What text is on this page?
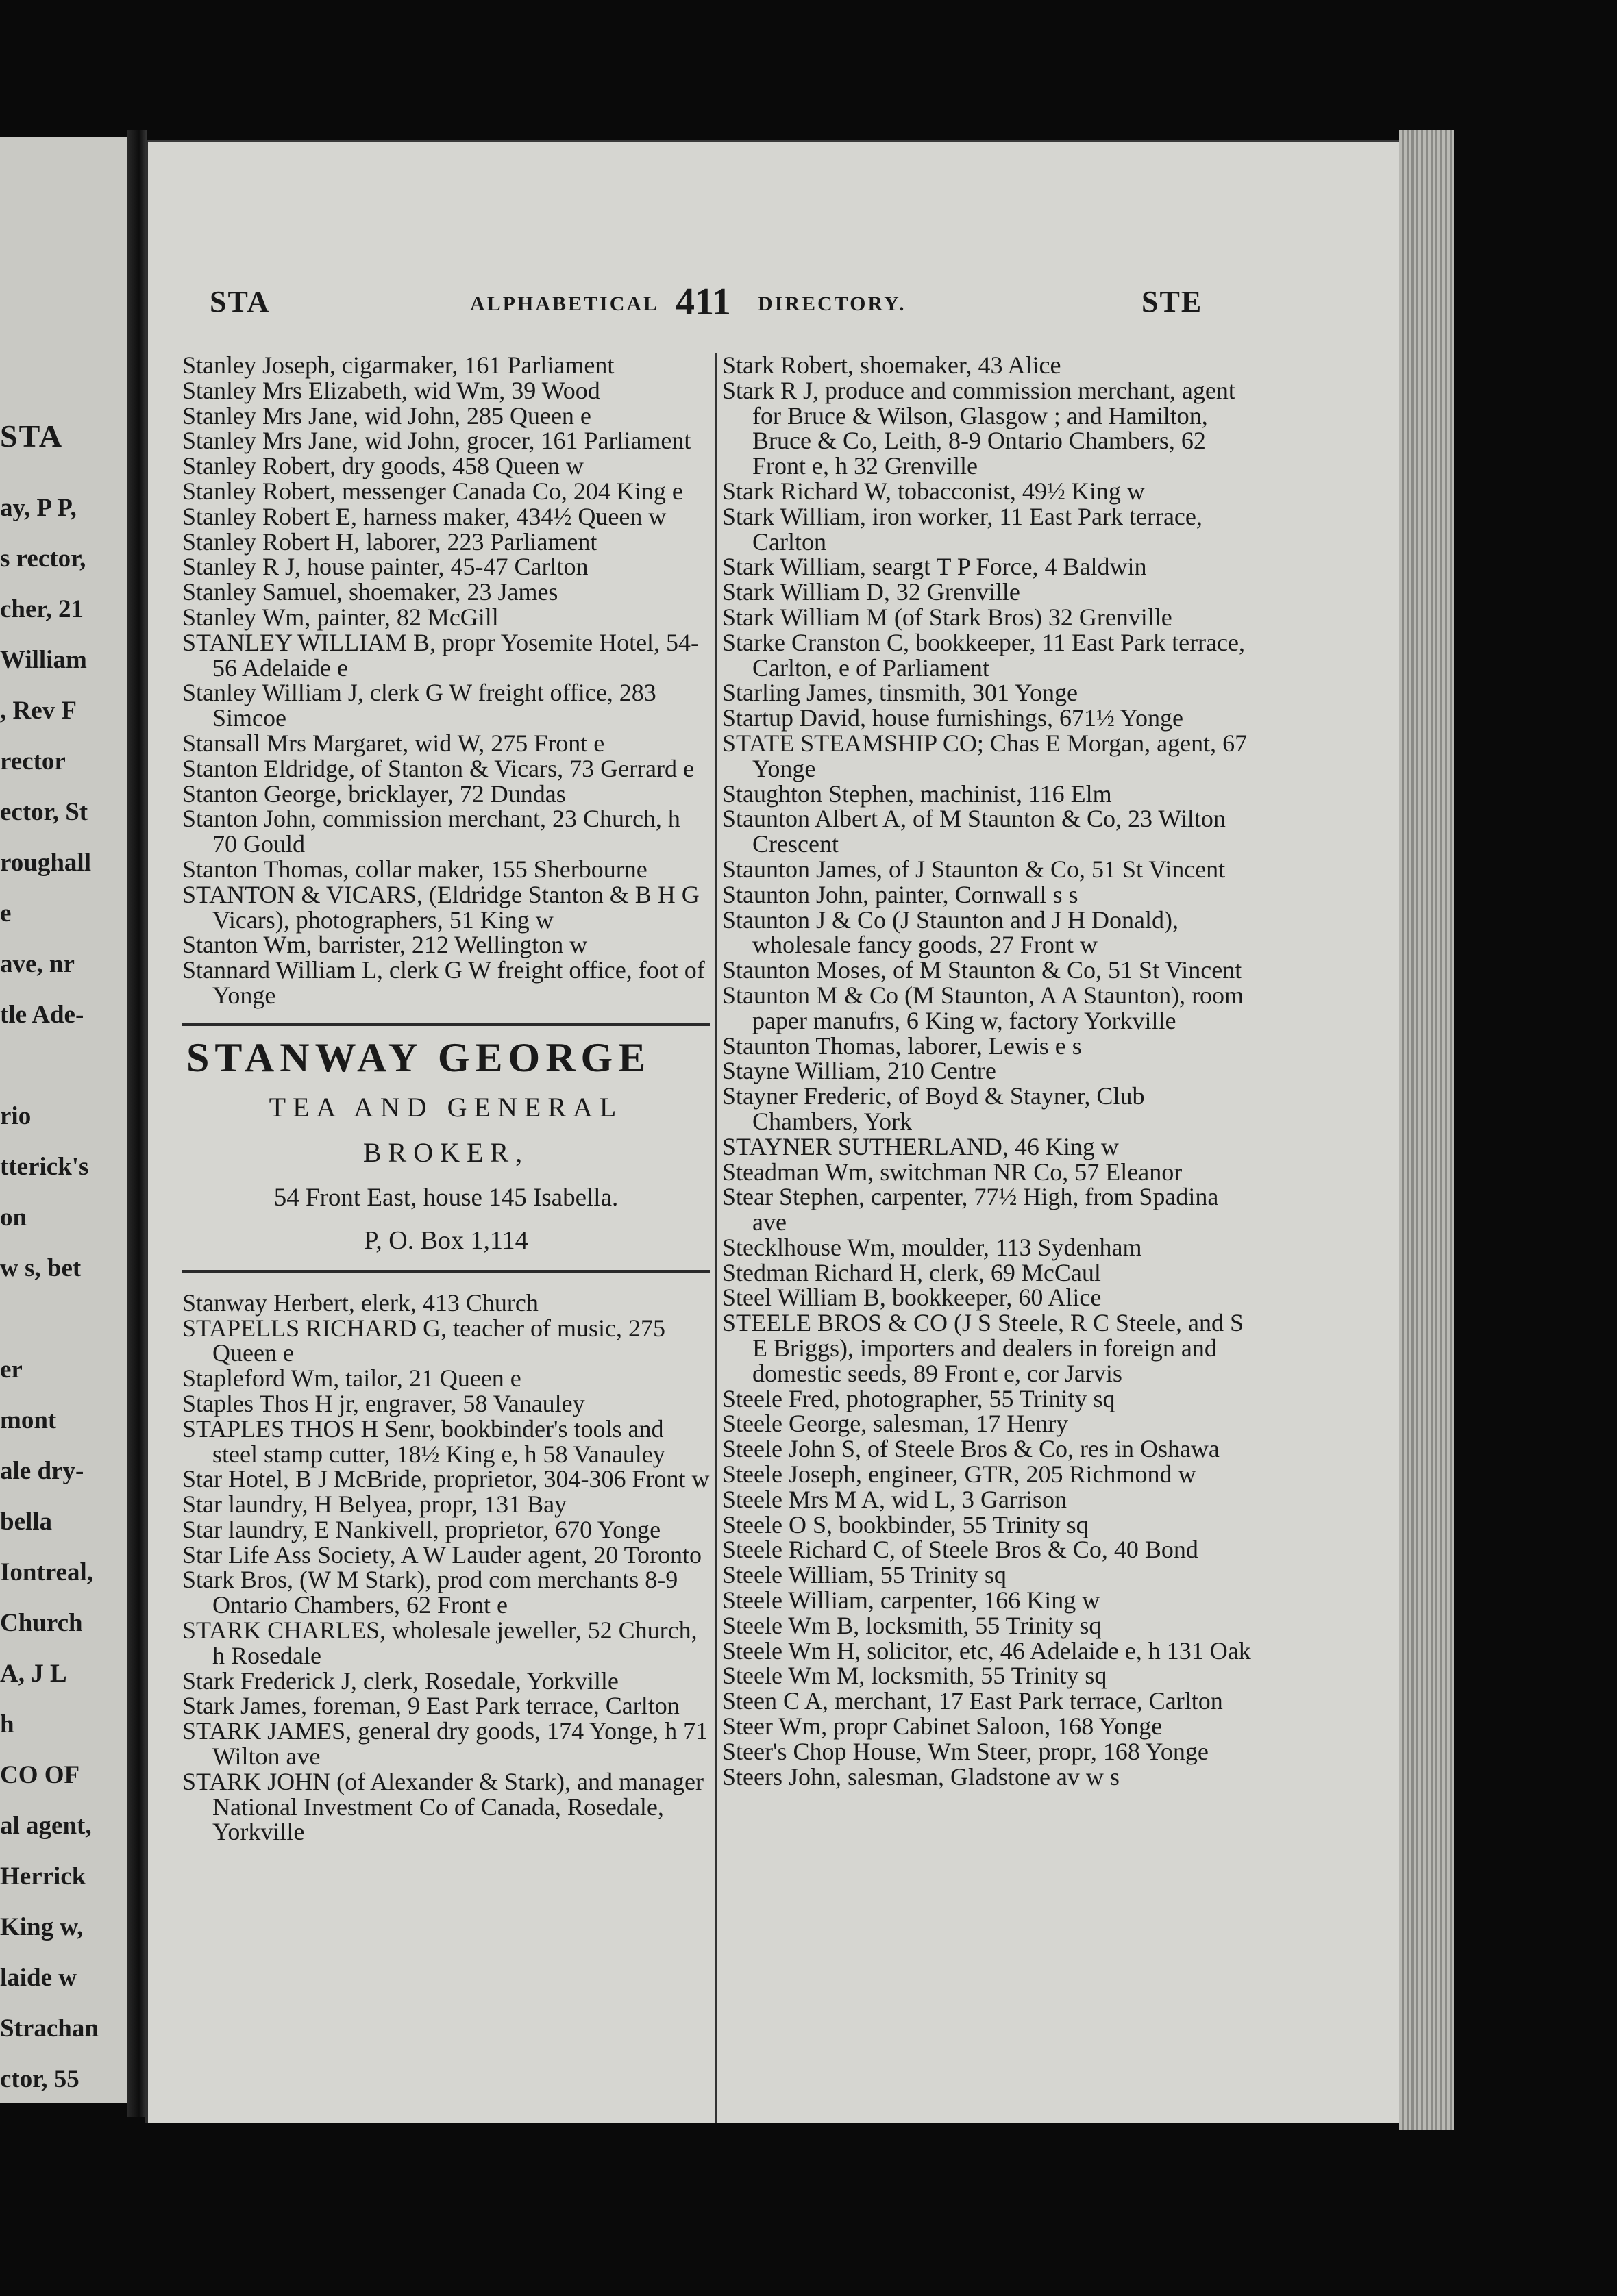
STA
ay, P P,
s rector,
cher, 21
William
, Rev F
rector
ector, St
roughall
e
ave, nr
tle Ade-
rio
tterick's
on
w s, bet
er
mont
ale dry-
bella
Iontreal,
Church
A, J L
h
CO OF
al agent,
Herrick
King w,
laide w
Strachan
ctor, 55
STA	ALPHABETICAL 411 DIRECTORY.	STE
Stanley Joseph, cigarmaker, 161 Parliament
Stanley Mrs Elizabeth, wid Wm, 39 Wood
Stanley Mrs Jane, wid John, 285 Queen e
Stanley Mrs Jane, wid John, grocer, 161 Parliament
Stanley Robert, dry goods, 458 Queen w
Stanley Robert, messenger Canada Co, 204 King e
Stanley Robert E, harness maker, 434½ Queen w
Stanley Robert H, laborer, 223 Parliament
Stanley R J, house painter, 45-47 Carlton
Stanley Samuel, shoemaker, 23 James
Stanley Wm, painter, 82 McGill
STANLEY WILLIAM B, propr Yosemite Hotel, 54-56 Adelaide e
Stanley William J, clerk G W freight office, 283 Simcoe
Stansall Mrs Margaret, wid W, 275 Front e
Stanton Eldridge, of Stanton & Vicars, 73 Gerrard e
Stanton George, bricklayer, 72 Dundas
Stanton John, commission merchant, 23 Church, h 70 Gould
Stanton Thomas, collar maker, 155 Sherbourne
STANTON & VICARS, (Eldridge Stanton & B H G Vicars), photographers, 51 King w
Stanton Wm, barrister, 212 Wellington w
Stannard William L, clerk G W freight office, foot of Yonge
STANWAY GEORGE
TEA AND GENERAL BROKER,
54 Front East, house 145 Isabella.
P, O. Box 1,114
Stanway Herbert, elerk, 413 Church
STAPELLS RICHARD G, teacher of music, 275 Queen e
Stapleford Wm, tailor, 21 Queen e
Staples Thos H jr, engraver, 58 Vanauley
STAPLES THOS H Senr, bookbinder's tools and steel stamp cutter, 18½ King e, h 58 Vanauley
Star Hotel, B J McBride, proprietor, 304-306 Front w
Star laundry, H Belyea, propr, 131 Bay
Star laundry, E Nankivell, proprietor, 670 Yonge
Star Life Ass Society, A W Lauder agent, 20 Toronto
Stark Bros, (W M Stark), prod com merchants 8-9 Ontario Chambers, 62 Front e
STARK CHARLES, wholesale jeweller, 52 Church, h Rosedale
Stark Frederick J, clerk, Rosedale, Yorkville
Stark James, foreman, 9 East Park terrace, Carlton
STARK JAMES, general dry goods, 174 Yonge, h 71 Wilton ave
STARK JOHN (of Alexander & Stark), and manager National Investment Co of Canada, Rosedale, Yorkville
Stark Robert, shoemaker, 43 Alice
Stark R J, produce and commission merchant, agent for Bruce & Wilson, Glasgow ; and Hamilton, Bruce & Co, Leith, 8-9 Ontario Chambers, 62 Front e, h 32 Grenville
Stark Richard W, tobacconist, 49½ King w
Stark William, iron worker, 11 East Park terrace, Carlton
Stark William, seargt T P Force, 4 Baldwin
Stark William D, 32 Grenville
Stark William M (of Stark Bros) 32 Grenville
Starke Cranston C, bookkeeper, 11 East Park terrace, Carlton, e of Parliament
Starling James, tinsmith, 301 Yonge
Startup David, house furnishings, 671½ Yonge
STATE STEAMSHIP CO; Chas E Morgan, agent, 67 Yonge
Staughton Stephen, machinist, 116 Elm
Staunton Albert A, of M Staunton & Co, 23 Wilton Crescent
Staunton James, of J Staunton & Co, 51 St Vincent
Staunton John, painter, Cornwall s s
Staunton J & Co (J Staunton and J H Donald), wholesale fancy goods, 27 Front w
Staunton Moses, of M Staunton & Co, 51 St Vincent
Staunton M & Co (M Staunton, A A Staunton), room paper manufrs, 6 King w, factory Yorkville
Staunton Thomas, laborer, Lewis e s
Stayne William, 210 Centre
Stayner Frederic, of Boyd & Stayner, Club Chambers, York
STAYNER SUTHERLAND, 46 King w
Steadman Wm, switchman NR Co, 57 Eleanor
Stear Stephen, carpenter, 77½ High, from Spadina ave
Stecklhouse Wm, moulder, 113 Sydenham
Stedman Richard H, clerk, 69 McCaul
Steel William B, bookkeeper, 60 Alice
STEELE BROS & CO (J S Steele, R C Steele, and S E Briggs), importers and dealers in foreign and domestic seeds, 89 Front e, cor Jarvis
Steele Fred, photographer, 55 Trinity sq
Steele George, salesman, 17 Henry
Steele John S, of Steele Bros & Co, res in Oshawa
Steele Joseph, engineer, GTR, 205 Richmond w
Steele Mrs M A, wid L, 3 Garrison
Steele O S, bookbinder, 55 Trinity sq
Steele Richard C, of Steele Bros & Co, 40 Bond
Steele William, 55 Trinity sq
Steele William, carpenter, 166 King w
Steele Wm B, locksmith, 55 Trinity sq
Steele Wm H, solicitor, etc, 46 Adelaide e, h 131 Oak
Steele Wm M, locksmith, 55 Trinity sq
Steen C A, merchant, 17 East Park terrace, Carlton
Steer Wm, propr Cabinet Saloon, 168 Yonge
Steer's Chop House, Wm Steer, propr, 168 Yonge
Steers John, salesman, Gladstone av w s
